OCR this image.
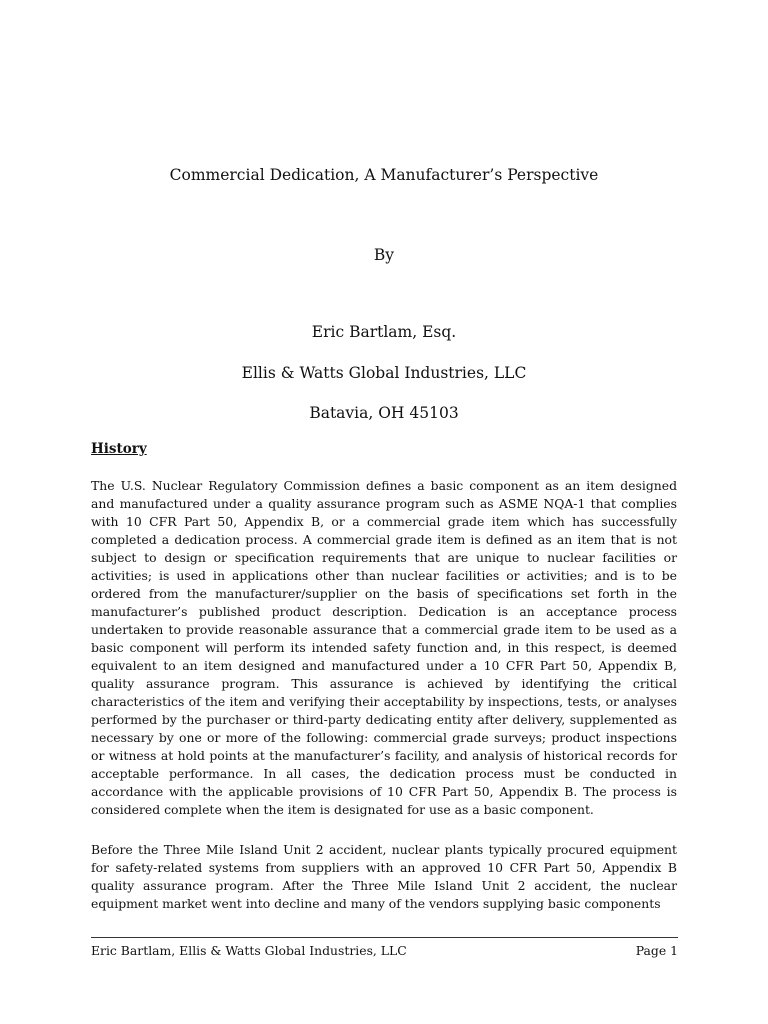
Commercial Dedication, A Manufacturer’s Perspective
By
Eric Bartlam, Esq.
Ellis & Watts Global Industries, LLC
Batavia, OH 45103
History

The U.S. Nuclear Regulatory Commission defines a basic component as an item designed and manufactured under a quality assurance program such as ASME NQA-1 that complies with 10 CFR Part 50, Appendix B, or a commercial grade item which has successfully completed a dedication process. A commercial grade item is defined as an item that is not subject to design or specification requirements that are unique to nuclear facilities or activities; is used in applications other than nuclear facilities or activities; and is to be ordered from the manufacturer/supplier on the basis of specifications set forth in the manufacturer’s published product description. Dedication is an acceptance process undertaken to provide reasonable assurance that a commercial grade item to be used as a basic component will perform its intended safety function and, in this respect, is deemed equivalent to an item designed and manufactured under a 10 CFR Part 50, Appendix B, quality assurance program. This assurance is achieved by identifying the critical characteristics of the item and verifying their acceptability by inspections, tests, or analyses performed by the purchaser or third-party dedicating entity after delivery, supplemented as necessary by one or more of the following: commercial grade surveys; product inspections or witness at hold points at the manufacturer’s facility, and analysis of historical records for acceptable performance. In all cases, the dedication process must be conducted in accordance with the applicable provisions of 10 CFR Part 50, Appendix B. The process is considered complete when the item is designated for use as a basic component.

Before the Three Mile Island Unit 2 accident, nuclear plants typically procured equipment for safety-related systems from suppliers with an approved 10 CFR Part 50, Appendix B quality assurance program. After the Three Mile Island Unit 2 accident, the nuclear equipment market went into decline and many of the vendors supplying basic components

Eric Bartlam, Ellis & Watts Global Industries, LLC	Page 1
